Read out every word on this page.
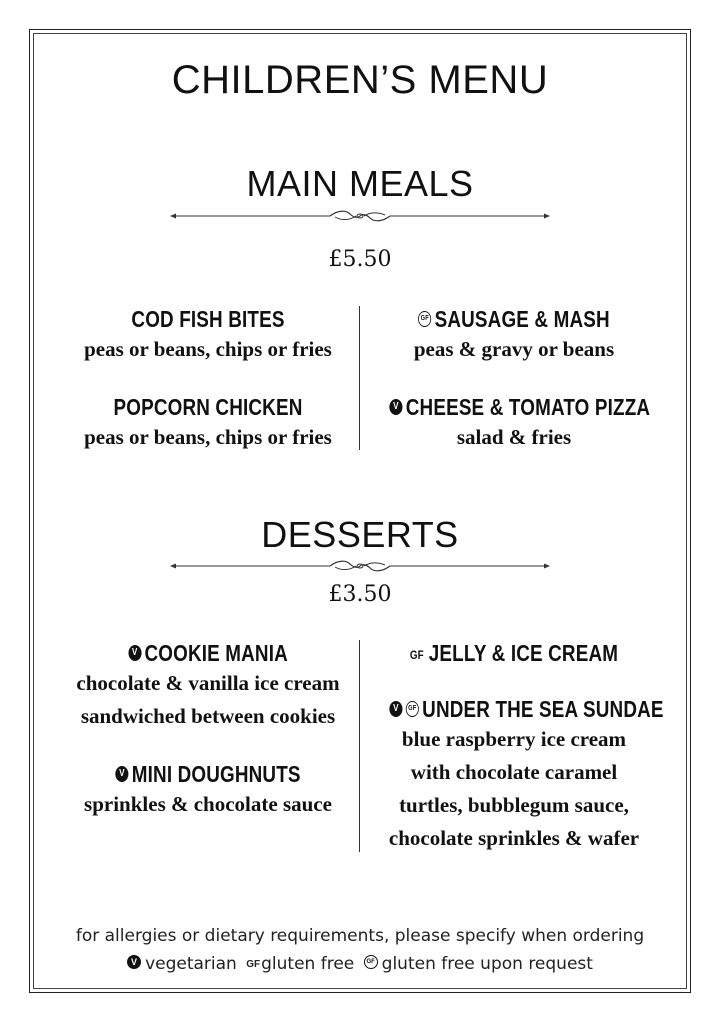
CHILDREN’S MENU
MAIN MEALS
£5.50
COD FISH BITES
peas or beans, chips or fries
POPCORN CHICKEN
peas or beans, chips or fries
GF SAUSAGE & MASH
peas & gravy or beans
V CHEESE & TOMATO PIZZA
salad & fries
DESSERTS
£3.50
V COOKIE MANIA
chocolate & vanilla ice cream
sandwiched between cookies
V MINI DOUGHNUTS
sprinkles & chocolate sauce
GF JELLY & ICE CREAM
V GF UNDER THE SEA SUNDAE
blue raspberry ice cream
with chocolate caramel
turtles, bubblegum sauce,
chocolate sprinkles & wafer
for allergies or dietary requirements, please specify when ordering
V vegetarian GFgluten free GF gluten free upon request
